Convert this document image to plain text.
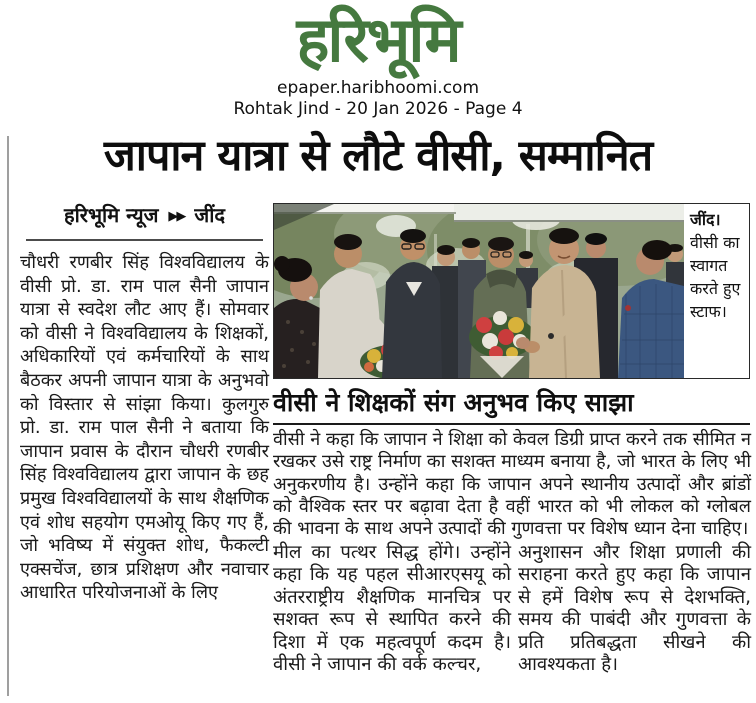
हरिभूमि
epaper.haribhoomi.com
Rohtak Jind - 20 Jan 2026 - Page 4
जापान यात्रा से लौटे वीसी, सम्मानित
हरिभूमि न्यूज ▶▶ जींद

चौधरी रणबीर सिंह विश्वविद्यालय के वीसी प्रो. डा. राम पाल सैनी जापान यात्रा से स्वदेश लौट आए हैं। सोमवार को वीसी ने विश्वविद्यालय के शिक्षकों, अधिकारियों एवं कर्मचारियों के साथ बैठकर अपनी जापान यात्रा के अनुभवो को विस्तार से सांझा किया। कुलगुरु प्रो. डा. राम पाल सैनी ने बताया कि जापान प्रवास के दौरान चौधरी रणबीर सिंह विश्वविद्यालय द्वारा जापान के छह प्रमुख विश्वविद्यालयों के साथ शैक्षणिक एवं शोध सहयोग एमओयू किए गए हैं, जो भविष्य में संयुक्त शोध, फैकल्टी एक्सचेंज, छात्र प्रशिक्षण और नवाचार आधारित परियोजनाओं के लिए

जींद। वीसी का स्वागत करते हुए स्टाफ।
वीसी ने शिक्षकों संग अनुभव किए साझा

वीसी ने कहा कि जापान ने शिक्षा को केवल डिग्री प्राप्त करने तक सीमित न रखकर उसे राष्ट्र निर्माण का सशक्त माध्यम बनाया है, जो भारत के लिए भी अनुकरणीय है। उन्होंने कहा कि जापान अपने स्थानीय उत्पादों और ब्रांडों को वैश्विक स्तर पर बढ़ावा देता है वहीं भारत को भी लोकल को ग्लोबल की भावना के साथ अपने उत्पादों की गुणवत्ता पर विशेष ध्यान देना चाहिए।

मील का पत्थर सिद्ध होंगे। उन्होंने कहा कि यह पहल सीआरएसयू को अंतरराष्ट्रीय शैक्षणिक मानचित्र पर सशक्त रूप से स्थापित करने की दिशा में एक महत्वपूर्ण कदम है। वीसी ने जापान की वर्क कल्चर,

अनुशासन और शिक्षा प्रणाली की सराहना करते हुए कहा कि जापान से हमें विशेष रूप से देशभक्ति, समय की पाबंदी और गुणवत्ता के प्रति प्रतिबद्धता सीखने की आवश्यकता है।
